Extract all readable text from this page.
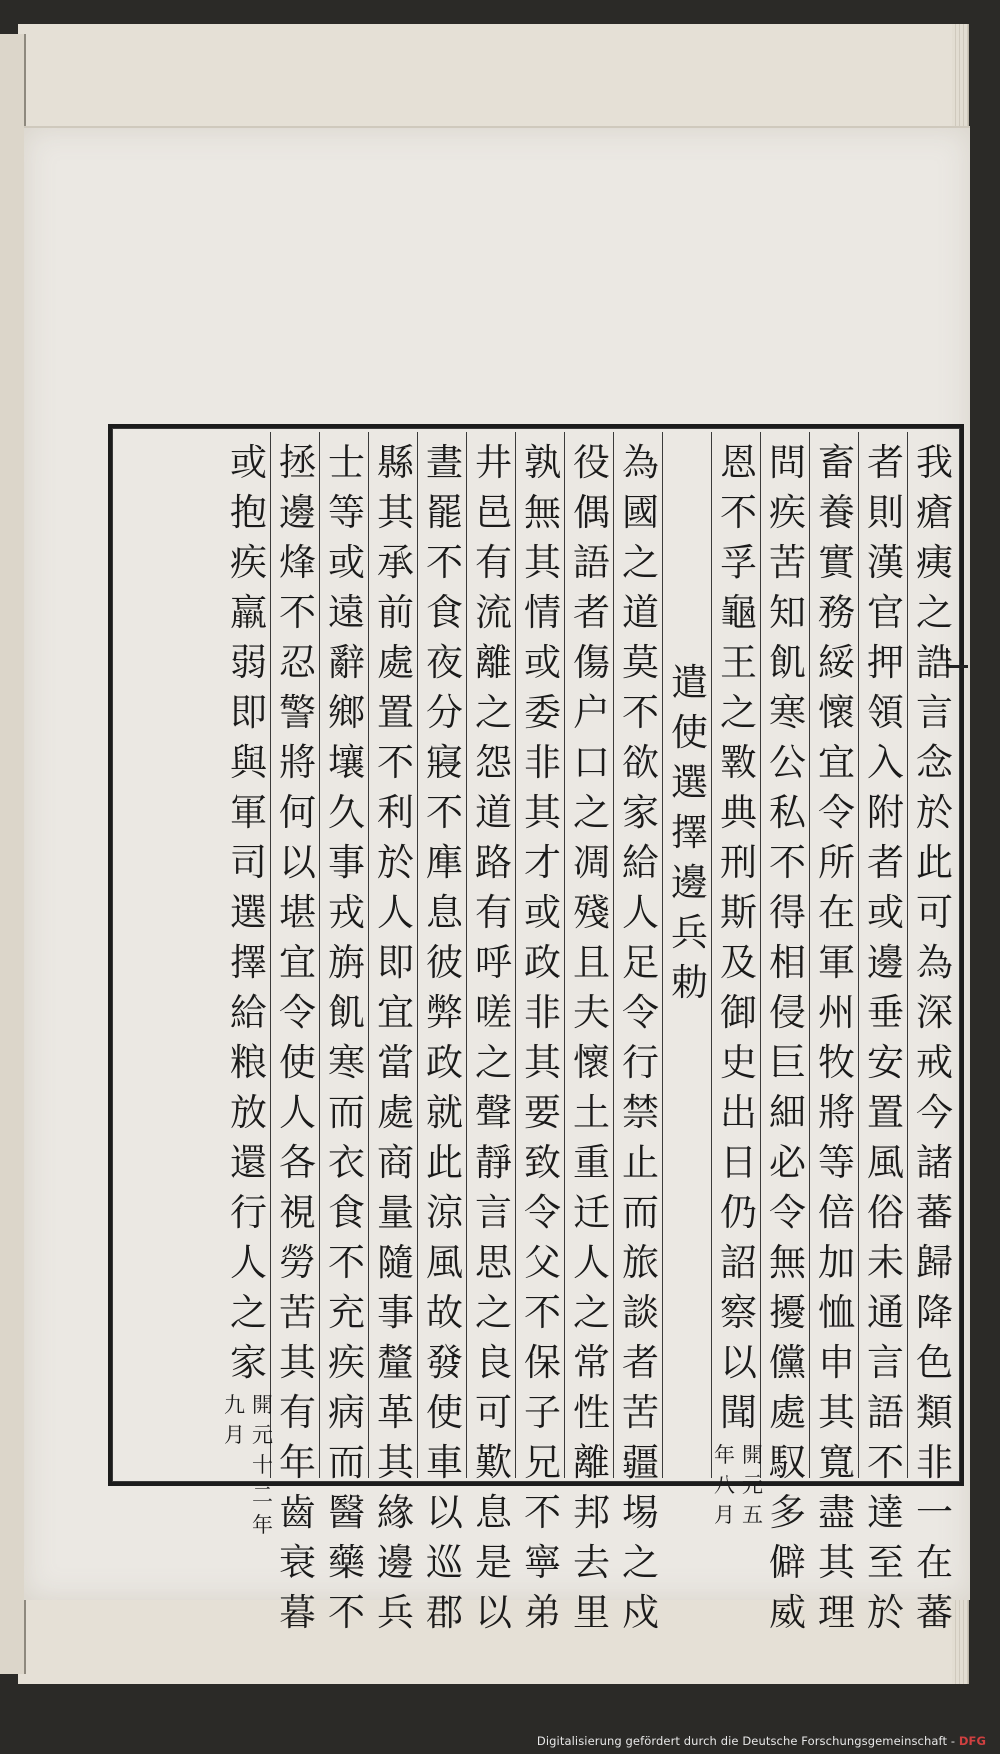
我
瘡
痍
之
誥
言
念
於
此
可
為
深
戒
今
諸
蕃
歸
降
色
類
非
一
在
蕃
者
則
漢
官
押
領
入
附
者
或
邊
垂
安
置
風
俗
未
通
言
語
不
達
至
於
畜
養
實
務
綏
懷
宜
令
所
在
軍
州
牧
將
等
倍
加
恤
申
其
寬
盡
其
理
問
疾
苦
知
飢
寒
公
私
不
得
相
侵
巨
細
必
令
無
擾
儻
處
馭
多
僻
威
恩
不
孚
龜
王
之
斁
典
刑
斯
及
御
史
出
日
仍
詔
察
以
聞
開
元
五
年
八
月
遣
使
選
擇
邊
兵
勅
為
國
之
道
莫
不
欲
家
給
人
足
令
行
禁
止
而
旅
談
者
苦
疆
埸
之
戍
役
偶
語
者
傷
户
口
之
凋
殘
且
夫
懷
土
重
迁
人
之
常
性
離
邦
去
里
孰
無
其
情
或
委
非
其
才
或
政
非
其
要
致
令
父
不
保
子
兄
不
寧
弟
井
邑
有
流
離
之
怨
道
路
有
呼
嗟
之
聲
靜
言
思
之
良
可
歎
息
是
以
晝
罷
不
食
夜
分
寢
不
㢑
息
彼
弊
政
就
此
涼
風
故
發
使
車
以
巡
郡
縣
其
承
前
處
置
不
利
於
人
即
宜
當
處
商
量
隨
事
釐
革
其
緣
邊
兵
士
等
或
遠
辭
鄉
壤
久
事
戎
旃
飢
寒
而
衣
食
不
充
疾
病
而
醫
藥
不
拯
邊
烽
不
忍
警
將
何
以
堪
宜
令
使
人
各
視
勞
苦
其
有
年
齒
衰
暮
或
抱
疾
羸
弱
即
與
軍
司
選
擇
給
粮
放
還
行
人
之
家
開
元
十
二
年
九
月
Digitalisierung gefördert durch die Deutsche Forschungsgemeinschaft - DFG
